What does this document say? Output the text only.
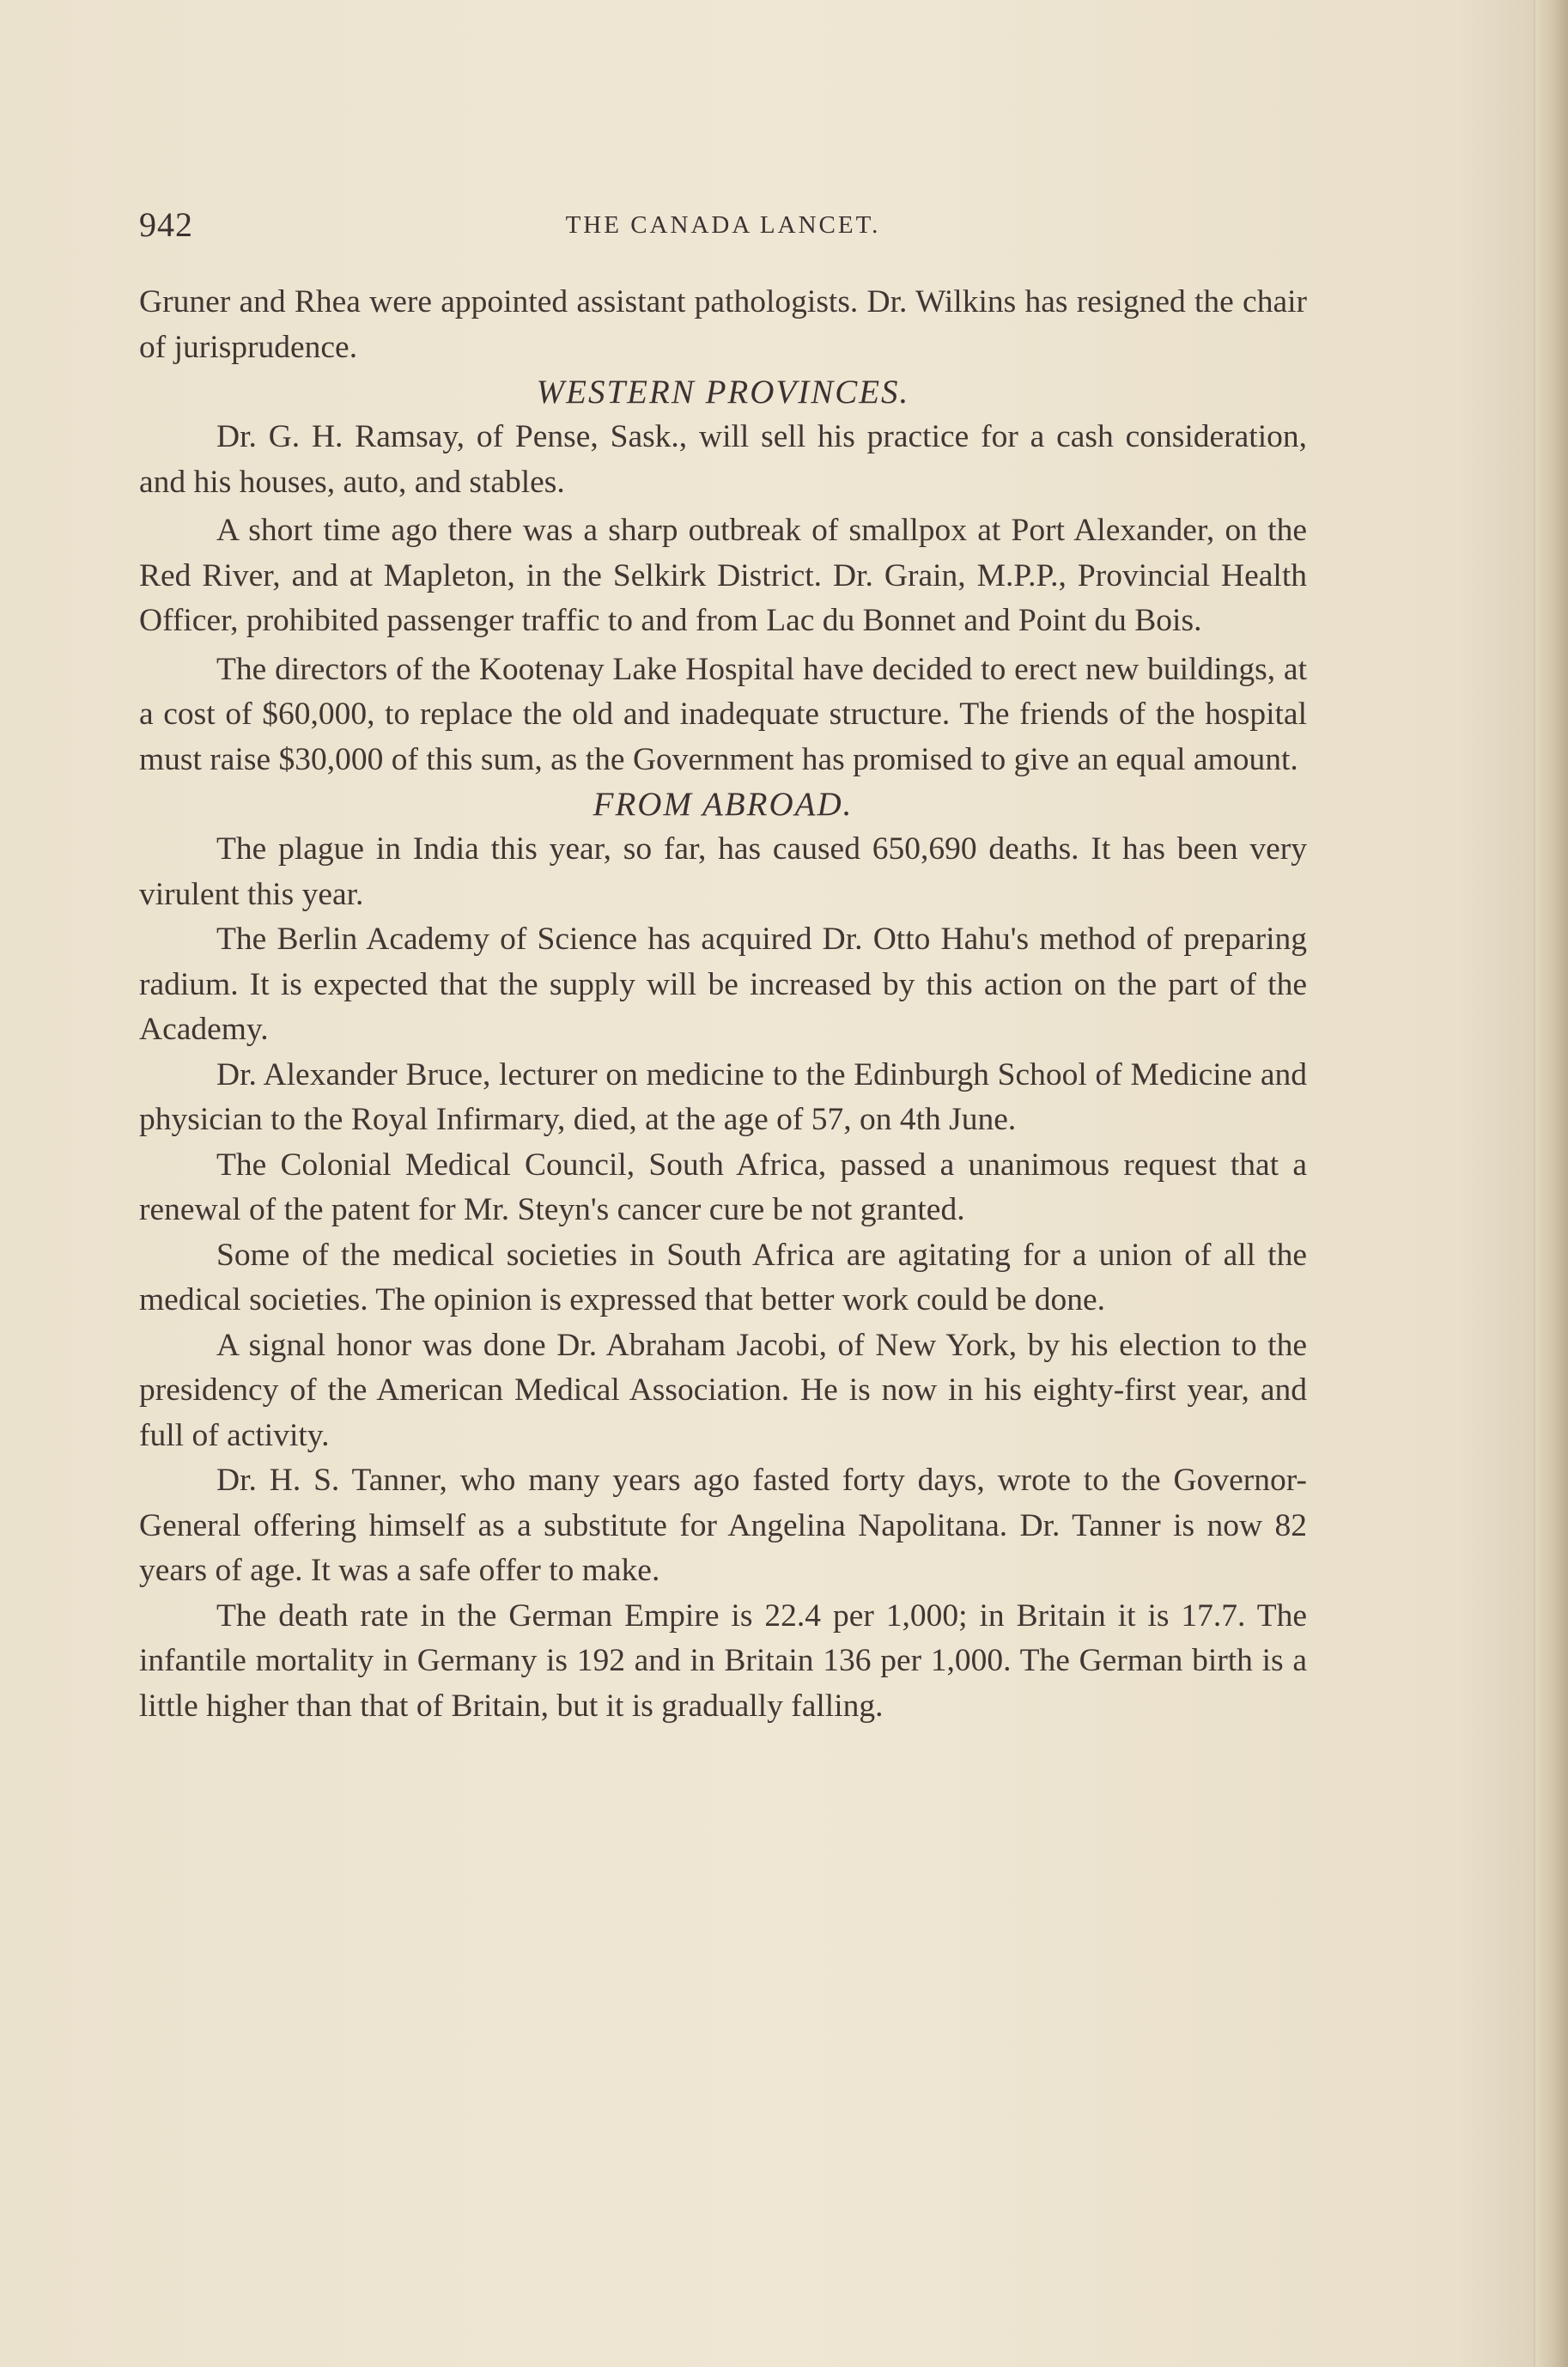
942	THE CANADA LANCET.

Gruner and Rhea were appointed assistant pathologists. Dr. Wilkins has resigned the chair of jurisprudence.

WESTERN PROVINCES.

Dr. G. H. Ramsay, of Pense, Sask., will sell his practice for a cash consideration, and his houses, auto, and stables.

A short time ago there was a sharp outbreak of smallpox at Port Alexander, on the Red River, and at Mapleton, in the Selkirk District. Dr. Grain, M.P.P., Provincial Health Officer, prohibited passenger traffic to and from Lac du Bonnet and Point du Bois.

The directors of the Kootenay Lake Hospital have decided to erect new buildings, at a cost of $60,000, to replace the old and inadequate structure. The friends of the hospital must raise $30,000 of this sum, as the Government has promised to give an equal amount.

FROM ABROAD.

The plague in India this year, so far, has caused 650,690 deaths. It has been very virulent this year.

The Berlin Academy of Science has acquired Dr. Otto Hahu's method of preparing radium. It is expected that the supply will be increased by this action on the part of the Academy.

Dr. Alexander Bruce, lecturer on medicine to the Edinburgh School of Medicine and physician to the Royal Infirmary, died, at the age of 57, on 4th June.

The Colonial Medical Council, South Africa, passed a unanimous request that a renewal of the patent for Mr. Steyn's cancer cure be not granted.

Some of the medical societies in South Africa are agitating for a union of all the medical societies. The opinion is expressed that better work could be done.

A signal honor was done Dr. Abraham Jacobi, of New York, by his election to the presidency of the American Medical Association. He is now in his eighty-first year, and full of activity.

Dr. H. S. Tanner, who many years ago fasted forty days, wrote to the Governor-General offering himself as a substitute for Angelina Napolitana. Dr. Tanner is now 82 years of age. It was a safe offer to make.

The death rate in the German Empire is 22.4 per 1,000; in Britain it is 17.7. The infantile mortality in Germany is 192 and in Britain 136 per 1,000. The German birth is a little higher than that of Britain, but it is gradually falling.
